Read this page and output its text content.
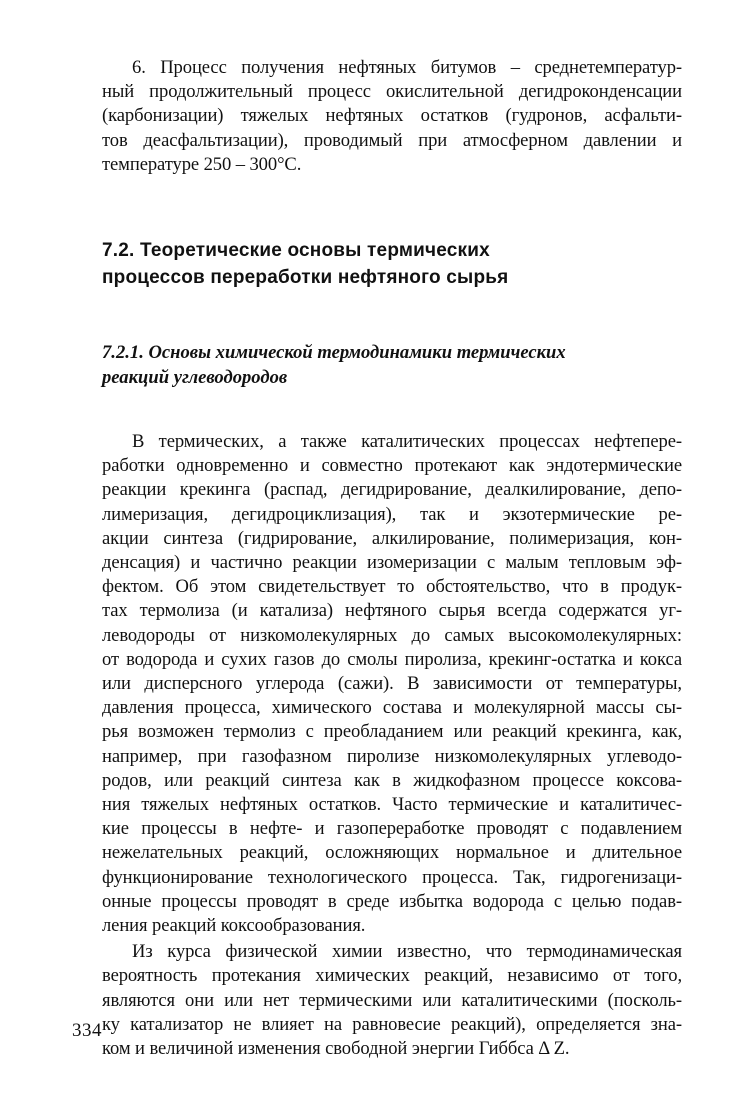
6. Процесс получения нефтяных битумов – среднетемператур-
ный продолжительный процесс окислительной дегидроконденсации
(карбонизации) тяжелых нефтяных остатков (гудронов, асфальти-
тов деасфальтизации), проводимый при атмосферном давлении и
температуре 250 – 300°С.
7.2. Теоретические основы термических
процессов переработки нефтяного сырья
7.2.1. Основы химической термодинамики термических
реакций углеводородов
В термических, а также каталитических процессах нефтепере-
работки одновременно и совместно протекают как эндотермические
реакции крекинга (распад, дегидрирование, деалкилирование, депо-
лимеризация, дегидроциклизация), так и экзотермические ре-
акции синтеза (гидрирование, алкилирование, полимеризация, кон-
денсация) и частично реакции изомеризации с малым тепловым эф-
фектом. Об этом свидетельствует то обстоятельство, что в продук-
тах термолиза (и катализа) нефтяного сырья всегда содержатся уг-
леводороды от низкомолекулярных до самых высокомолекулярных:
от водорода и сухих газов до смолы пиролиза, крекинг-остатка и кокса
или дисперсного углерода (сажи). В зависимости от температуры,
давления процесса, химического состава и молекулярной массы сы-
рья возможен термолиз с преобладанием или реакций крекинга, как,
например, при газофазном пиролизе низкомолекулярных углеводо-
родов, или реакций синтеза как в жидкофазном процессе коксова-
ния тяжелых нефтяных остатков. Часто термические и каталитичес-
кие процессы в нефте- и газопереработке проводят с подавлением
нежелательных реакций, осложняющих нормальное и длительное
функционирование технологического процесса. Так, гидрогенизаци-
онные процессы проводят в среде избытка водорода с целью подав-
ления реакций коксообразования.
Из курса физической химии известно, что термодинамическая
вероятность протекания химических реакций, независимо от того,
являются они или нет термическими или каталитическими (посколь-
ку катализатор не влияет на равновесие реакций), определяется зна-
ком и величиной изменения свободной энергии Гиббса Δ Z.
334
